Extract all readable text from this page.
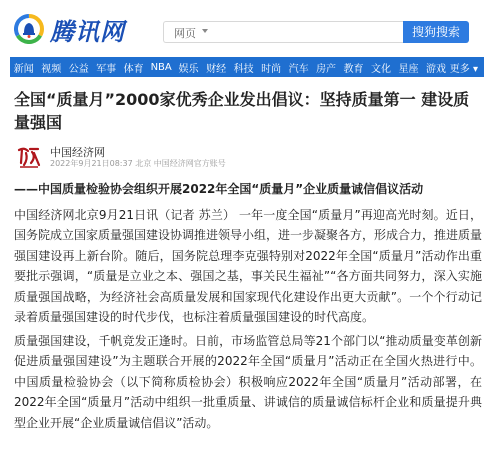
腾讯网	网页	搜狗搜索
新闻 视频 公益 军事 体育 NBA 娱乐 财经 科技 时尚 汽车 房产 教育 文化 星座 游戏 更多 ▾
全国“质量月”2000家优秀企业发出倡议：坚持质量第一 建设质量强国
中国经济网
2022年9月21日08:37 北京 中国经济网官方账号
——中国质量检验协会组织开展2022年全国“质量月”企业质量诚信倡议活动

中国经济网北京9月21日讯（记者 苏兰） 一年一度全国“质量月”再迎高光时刻。近日，国务院成立国家质量强国建设协调推进领导小组，进一步凝聚各方，形成合力，推进质量强国建设再上新台阶。随后，国务院总理李克强特别对2022年全国“质量月”活动作出重要批示强调，“质量是立业之本、强国之基，事关民生福祉”“各方面共同努力，深入实施质量强国战略，为经济社会高质量发展和国家现代化建设作出更大贡献”。一个个行动记录着质量强国建设的时代步伐，也标注着质量强国建设的时代高度。

质量强国建设，千帆竞发正逢时。日前，市场监管总局等21个部门以“推动质量变革创新 促进质量强国建设”为主题联合开展的2022年全国“质量月”活动正在全国火热进行中。中国质量检验协会（以下简称质检协会）积极响应2022年全国“质量月”活动部署，在2022年全国“质量月”活动中组织一批重质量、讲诚信的质量诚信标杆企业和质量提升典型企业开展“企业质量诚信倡议”活动。
